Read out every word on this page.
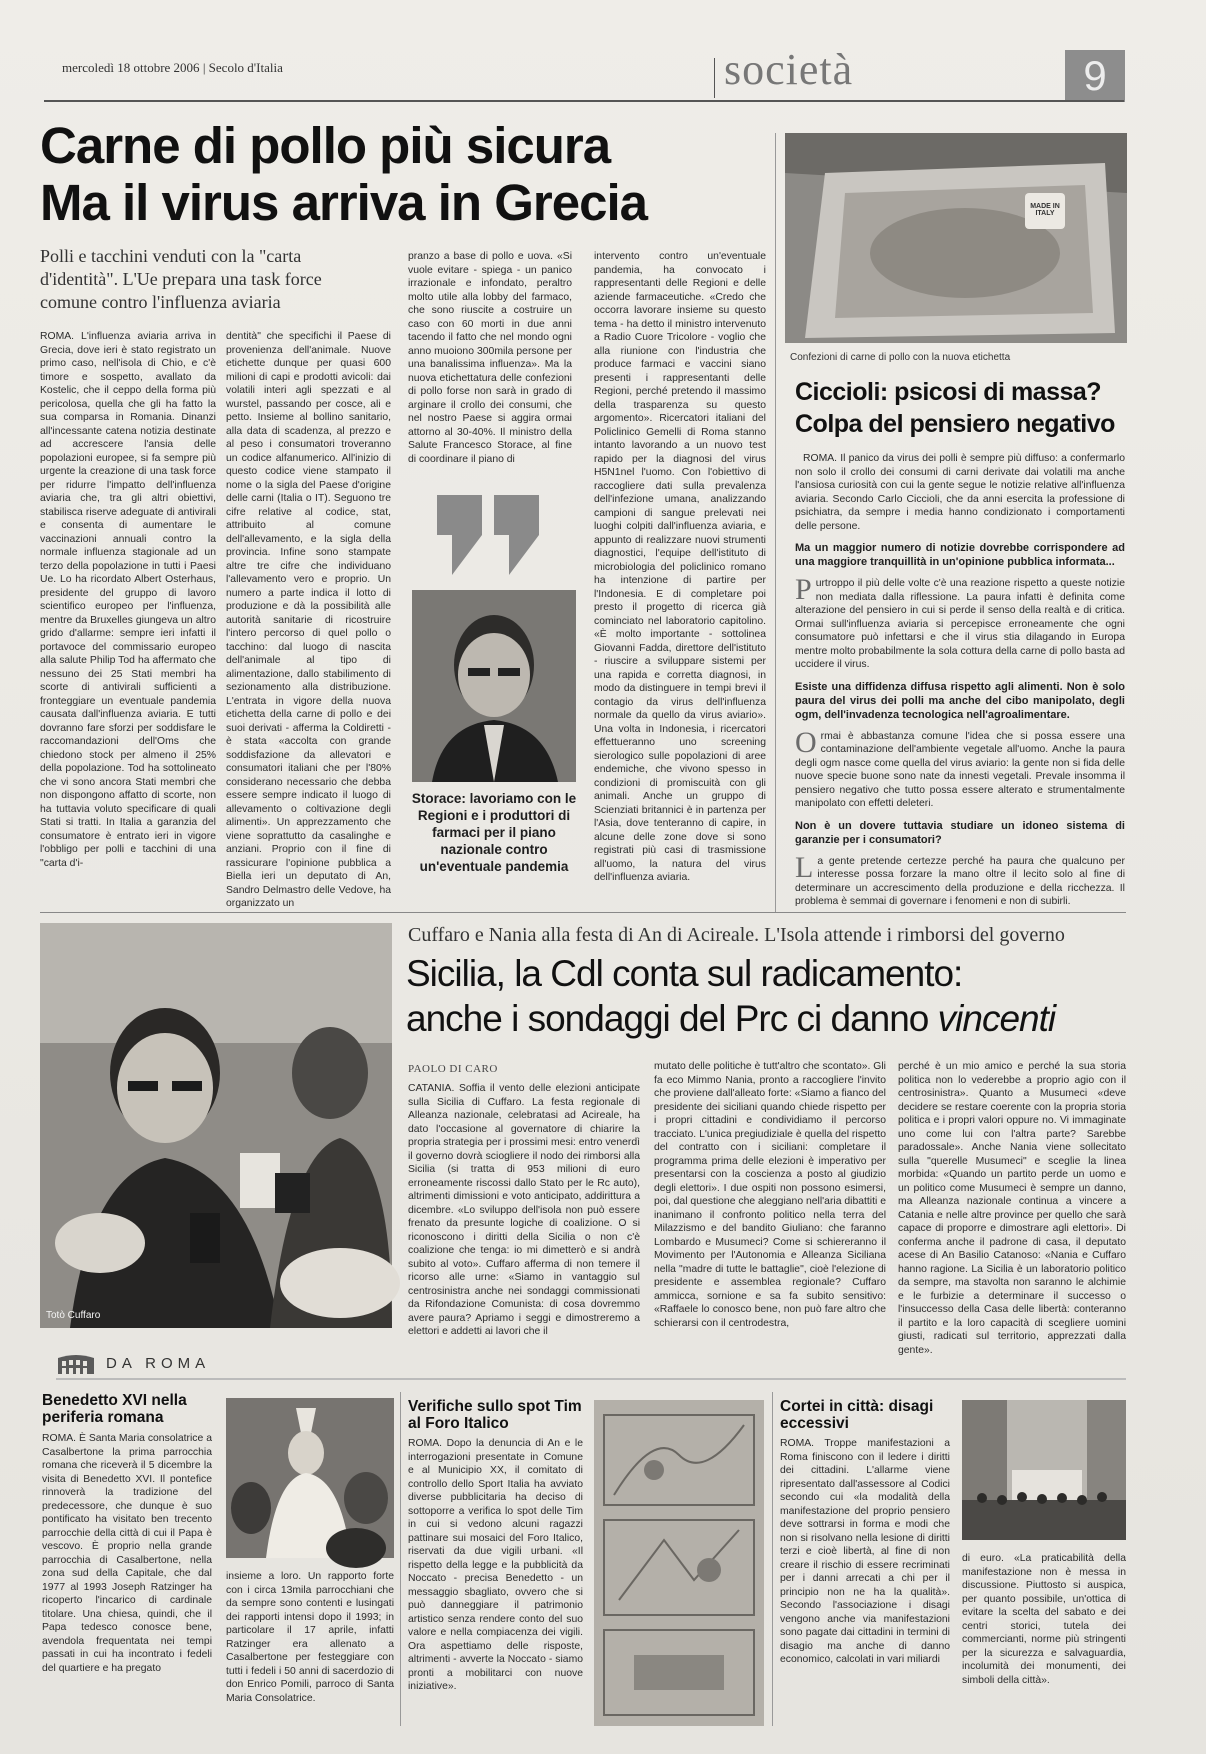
mercoledì 18 ottobre 2006 | Secolo d'Italia	società	9
Carne di pollo più sicura
Ma il virus arriva in Grecia
Polli e tacchini venduti con la "carta d'identità". L'Ue prepara una task force comune contro l'influenza aviaria
ROMA. L'influenza aviaria arriva in Grecia, dove ieri è stato registrato un primo caso, nell'isola di Chio, e c'è timore e sospetto, avallato da Kostelic, che il ceppo della forma più pericolosa, quella che gli ha fatto la sua comparsa in Romania. Dinanzi all'incessante catena notizia destinate ad accrescere l'ansia delle popolazioni europee, si fa sempre più urgente la creazione di una task force per ridurre l'impatto dell'influenza aviaria che, tra gli altri obiettivi, stabilisca riserve adeguate di antivirali e consenta di aumentare le vaccinazioni annuali contro la normale influenza stagionale ad un terzo della popolazione in tutti i Paesi Ue. Lo ha ricordato Albert Osterhaus, presidente del gruppo di lavoro scientifico europeo per l'influenza, mentre da Bruxelles giungeva un altro grido d'allarme: sempre ieri infatti il portavoce del commissario europeo alla salute Philip Tod ha affermato che nessuno dei 25 Stati membri ha scorte di antivirali sufficienti a fronteggiare un eventuale pandemia causata dall'influenza aviaria. E tutti dovranno fare sforzi per soddisfare le raccomandazioni dell'Oms che chiedono stock per almeno il 25% della popolazione. Tod ha sottolineato che vi sono ancora Stati membri che non dispongono affatto di scorte, non ha tuttavia voluto specificare di quali Stati si tratti. In Italia a garanzia del consumatore è entrato ieri in vigore l'obbligo per polli e tacchini di una "carta d'i-
dentità" che specifichi il Paese di provenienza dell'animale. Nuove etichette dunque per quasi 600 milioni di capi e prodotti avicoli: dai volatili interi agli spezzati e al wurstel, passando per cosce, ali e petto. Insieme al bollino sanitario, alla data di scadenza, al prezzo e al peso i consumatori troveranno un codice alfanumerico. All'inizio di questo codice viene stampato il nome o la sigla del Paese d'origine delle carni (Italia o IT). Seguono tre cifre relative al codice, stat, attribuito al comune dell'allevamento, e la sigla della provincia. Infine sono stampate altre tre cifre che individuano l'allevamento vero e proprio. Un numero a parte indica il lotto di produzione e dà la possibilità alle autorità sanitarie di ricostruire l'intero percorso di quel pollo o tacchino: dal luogo di nascita dell'animale al tipo di alimentazione, dallo stabilimento di sezionamento alla distribuzione. L'entrata in vigore della nuova etichetta della carne di pollo e dei suoi derivati - afferma la Coldiretti - è stata «accolta con grande soddisfazione da allevatori e consumatori italiani che per l'80% considerano necessario che debba essere sempre indicato il luogo di allevamento o coltivazione degli alimenti». Un apprezzamento che viene soprattutto da casalinghe e anziani. Proprio con il fine di rassicurare l'opinione pubblica a Biella ieri un deputato di An, Sandro Delmastro delle Vedove, ha organizzato un
pranzo a base di pollo e uova. «Si vuole evitare - spiega - un panico irrazionale e infondato, peraltro molto utile alla lobby del farmaco, che sono riuscite a costruire un caso con 60 morti in due anni tacendo il fatto che nel mondo ogni anno muoiono 300mila persone per una banalissima influenza». Ma la nuova etichettatura delle confezioni di pollo forse non sarà in grado di arginare il crollo dei consumi, che nel nostro Paese si aggira ormai attorno al 30-40%. Il ministro della Salute Francesco Storace, al fine di coordinare il piano di
intervento contro un'eventuale pandemia, ha convocato i rappresentanti delle Regioni e delle aziende farmaceutiche. «Credo che occorra lavorare insieme su questo tema - ha detto il ministro intervenuto a Radio Cuore Tricolore - voglio che alla riunione con l'industria che produce farmaci e vaccini siano presenti i rappresentanti delle Regioni, perché pretendo il massimo della trasparenza su questo argomento». Ricercatori italiani del Policlinico Gemelli di Roma stanno intanto lavorando a un nuovo test rapido per la diagnosi del virus H5N1nel l'uomo. Con l'obiettivo di raccogliere dati sulla prevalenza dell'infezione umana, analizzando campioni di sangue prelevati nei luoghi colpiti dall'influenza aviaria, e appunto di realizzare nuovi strumenti diagnostici, l'equipe dell'istituto di microbiologia del policlinico romano ha intenzione di partire per l'Indonesia. E di completare poi presto il progetto di ricerca già cominciato nel laboratorio capitolino. «È molto importante - sottolinea Giovanni Fadda, direttore dell'istituto - riuscire a sviluppare sistemi per una rapida e corretta diagnosi, in modo da distinguere in tempi brevi il contagio da virus dell'influenza normale da quello da virus aviario». Una volta in Indonesia, i ricercatori effettueranno uno screening sierologico sulle popolazioni di aree endemiche, che vivono spesso in condizioni di promiscuità con gli animali. Anche un gruppo di Scienziati britannici è in partenza per l'Asia, dove tenteranno di capire, in alcune delle zone dove si sono registrati più casi di trasmissione all'uomo, la natura del virus dell'influenza aviaria.
Storace: lavoriamo con le Regioni e i produttori di farmaci per il piano nazionale contro un'eventuale pandemia
MADE IN ITALY
Confezioni di carne di pollo con la nuova etichetta
Ciccioli: psicosi di massa?
Colpa del pensiero negativo

ROMA. Il panico da virus dei polli è sempre più diffuso: a confermarlo non solo il crollo dei consumi di carni derivate dai volatili ma anche l'ansiosa curiosità con cui la gente segue le notizie relative all'influenza aviaria. Secondo Carlo Ciccioli, che da anni esercita la professione di psichiatra, da sempre i media hanno condizionato i comportamenti delle persone.

Ma un maggior numero di notizie dovrebbe corrispondere ad una maggiore tranquillità in un'opinione pubblica informata...

Purtroppo il più delle volte c'è una reazione rispetto a queste notizie non mediata dalla riflessione. La paura infatti è definita come alterazione del pensiero in cui si perde il senso della realtà e di critica. Ormai sull'influenza aviaria si percepisce erroneamente che ogni consumatore può infettarsi e che il virus stia dilagando in Europa mentre molto probabilmente la sola cottura della carne di pollo basta ad uccidere il virus.

Esiste una diffidenza diffusa rispetto agli alimenti. Non è solo paura del virus dei polli ma anche del cibo manipolato, degli ogm, dell'invadenza tecnologica nell'agroalimentare.

Ormai è abbastanza comune l'idea che si possa essere una contaminazione dell'ambiente vegetale all'uomo. Anche la paura degli ogm nasce come quella del virus aviario: la gente non si fida delle nuove specie buone sono nate da innesti vegetali. Prevale insomma il pensiero negativo che tutto possa essere alterato e strumentalmente manipolato con effetti deleteri.

Non è un dovere tuttavia studiare un idoneo sistema di garanzie per i consumatori?

La gente pretende certezze perché ha paura che qualcuno per interesse possa forzare la mano oltre il lecito solo al fine di determinare un accrescimento della produzione e della ricchezza. Il problema è semmai di governare i fenomeni e non di subirli.

Totò Cuffaro
Cuffaro e Nania alla festa di An di Acireale. L'Isola attende i rimborsi del governo
Sicilia, la Cdl conta sul radicamento:
anche i sondaggi del Prc ci danno vincenti
PAOLO DI CARO
CATANIA. Soffia il vento delle elezioni anticipate sulla Sicilia di Cuffaro. La festa regionale di Alleanza nazionale, celebratasi ad Acireale, ha dato l'occasione al governatore di chiarire la propria strategia per i prossimi mesi: entro venerdì il governo dovrà sciogliere il nodo dei rimborsi alla Sicilia (si tratta di 953 milioni di euro erroneamente riscossi dallo Stato per le Rc auto), altrimenti dimissioni e voto anticipato, addirittura a dicembre. «Lo sviluppo dell'isola non può essere frenato da presunte logiche di coalizione. O si riconoscono i diritti della Sicilia o non c'è coalizione che tenga: io mi dimetterò e si andrà subito al voto». Cuffaro afferma di non temere il ricorso alle urne: «Siamo in vantaggio sul centrosinistra anche nei sondaggi commissionati da Rifondazione Comunista: di cosa dovremmo avere paura? Apriamo i seggi e dimostreremo a elettori e addetti ai lavori che il
mutato delle politiche è tutt'altro che scontato». Gli fa eco Mimmo Nania, pronto a raccogliere l'invito che proviene dall'alleato forte: «Siamo a fianco del presidente dei siciliani quando chiede rispetto per i propri cittadini e condividiamo il percorso tracciato. L'unica pregiudiziale è quella del rispetto del contratto con i siciliani: completare il programma prima delle elezioni è imperativo per presentarsi con la coscienza a posto al giudizio degli elettori». I due ospiti non possono esimersi, poi, dal questione che aleggiano nell'aria dibattiti e inanimano il confronto politico nella terra del Milazzismo e del bandito Giuliano: che faranno Lombardo e Musumeci? Come si schiereranno il Movimento per l'Autonomia e Alleanza Siciliana nella "madre di tutte le battaglie", cioè l'elezione di presidente e assemblea regionale? Cuffaro ammicca, sornione e sa fa subito sensitivo: «Raffaele lo conosco bene, non può fare altro che schierarsi con il centrodestra,
perché è un mio amico e perché la sua storia politica non lo vederebbe a proprio agio con il centrosinistra». Quanto a Musumeci «deve decidere se restare coerente con la propria storia politica e i propri valori oppure no. Vi immaginate uno come lui con l'altra parte? Sarebbe paradossale». Anche Nania viene sollecitato sulla "querelle Musumeci" e sceglie la linea morbida: «Quando un partito perde un uomo e un politico come Musumeci è sempre un danno, ma Alleanza nazionale continua a vincere a Catania e nelle altre province per quello che sarà capace di proporre e dimostrare agli elettori». Di conferma anche il padrone di casa, il deputato acese di An Basilio Catanoso: «Nania e Cuffaro hanno ragione. La Sicilia è un laboratorio politico da sempre, ma stavolta non saranno le alchimie e le furbizie a determinare il successo o l'insuccesso della Casa delle libertà: conteranno il partito e la loro capacità di scegliere uomini giusti, radicati sul territorio, apprezzati dalla gente».
DA ROMA
Benedetto XVI nella periferia romana
ROMA. È Santa Maria consolatrice a Casalbertone la prima parrocchia romana che riceverà il 5 dicembre la visita di Benedetto XVI. Il pontefice rinnoverà la tradizione del predecessore, che dunque è suo pontificato ha visitato ben trecento parrocchie della città di cui il Papa è vescovo. È proprio nella grande parrocchia di Casalbertone, nella zona sud della Capitale, che dal 1977 al 1993 Joseph Ratzinger ha ricoperto l'incarico di cardinale titolare. Una chiesa, quindi, che il Papa tedesco conosce bene, avendola frequentata nei tempi passati in cui ha incontrato i fedeli del quartiere e ha pregato
insieme a loro. Un rapporto forte con i circa 13mila parrocchiani che da sempre sono contenti e lusingati dei rapporti intensi dopo il 1993; in particolare il 17 aprile, infatti Ratzinger era allenato a Casalbertone per festeggiare con tutti i fedeli i 50 anni di sacerdozio di don Enrico Pomili, parroco di Santa Maria Consolatrice.
Verifiche sullo spot Tim al Foro Italico
ROMA. Dopo la denuncia di An e le interrogazioni presentate in Comune e al Municipio XX, il comitato di controllo dello Sport Italia ha avviato diverse pubblicitaria ha deciso di sottoporre a verifica lo spot delle Tim in cui si vedono alcuni ragazzi pattinare sui mosaici del Foro Italico, riservati da due vigili urbani. «Il rispetto della legge e la pubblicità da Noccato - precisa Benedetto - un messaggio sbagliato, ovvero che si può danneggiare il patrimonio artistico senza rendere conto del suo valore e nella compiacenza dei vigili. Ora aspettiamo delle risposte, altrimenti - avverte la Noccato - siamo pronti a mobilitarci con nuove iniziative».
Cortei in città: disagi eccessivi
ROMA. Troppe manifestazioni a Roma finiscono con il ledere i diritti dei cittadini. L'allarme viene ripresentato dall'assessore al Codici secondo cui «la modalità della manifestazione del proprio pensiero deve sottrarsi in forma e modi che non si risolvano nella lesione di diritti terzi e cioè libertà, al fine di non creare il rischio di essere recriminati per i danni arrecati a chi per il principio non ne ha la qualità». Secondo l'associazione i disagi vengono anche via manifestazioni sono pagate dai cittadini in termini di disagio ma anche di danno economico, calcolati in vari miliardi
di euro. «La praticabilità della manifestazione non è messa in discussione. Piuttosto si auspica, per quanto possibile, un'ottica di evitare la scelta del sabato e dei centri storici, tutela dei commercianti, norme più stringenti per la sicurezza e salvaguardia, incolumità dei monumenti, dei simboli della città».
